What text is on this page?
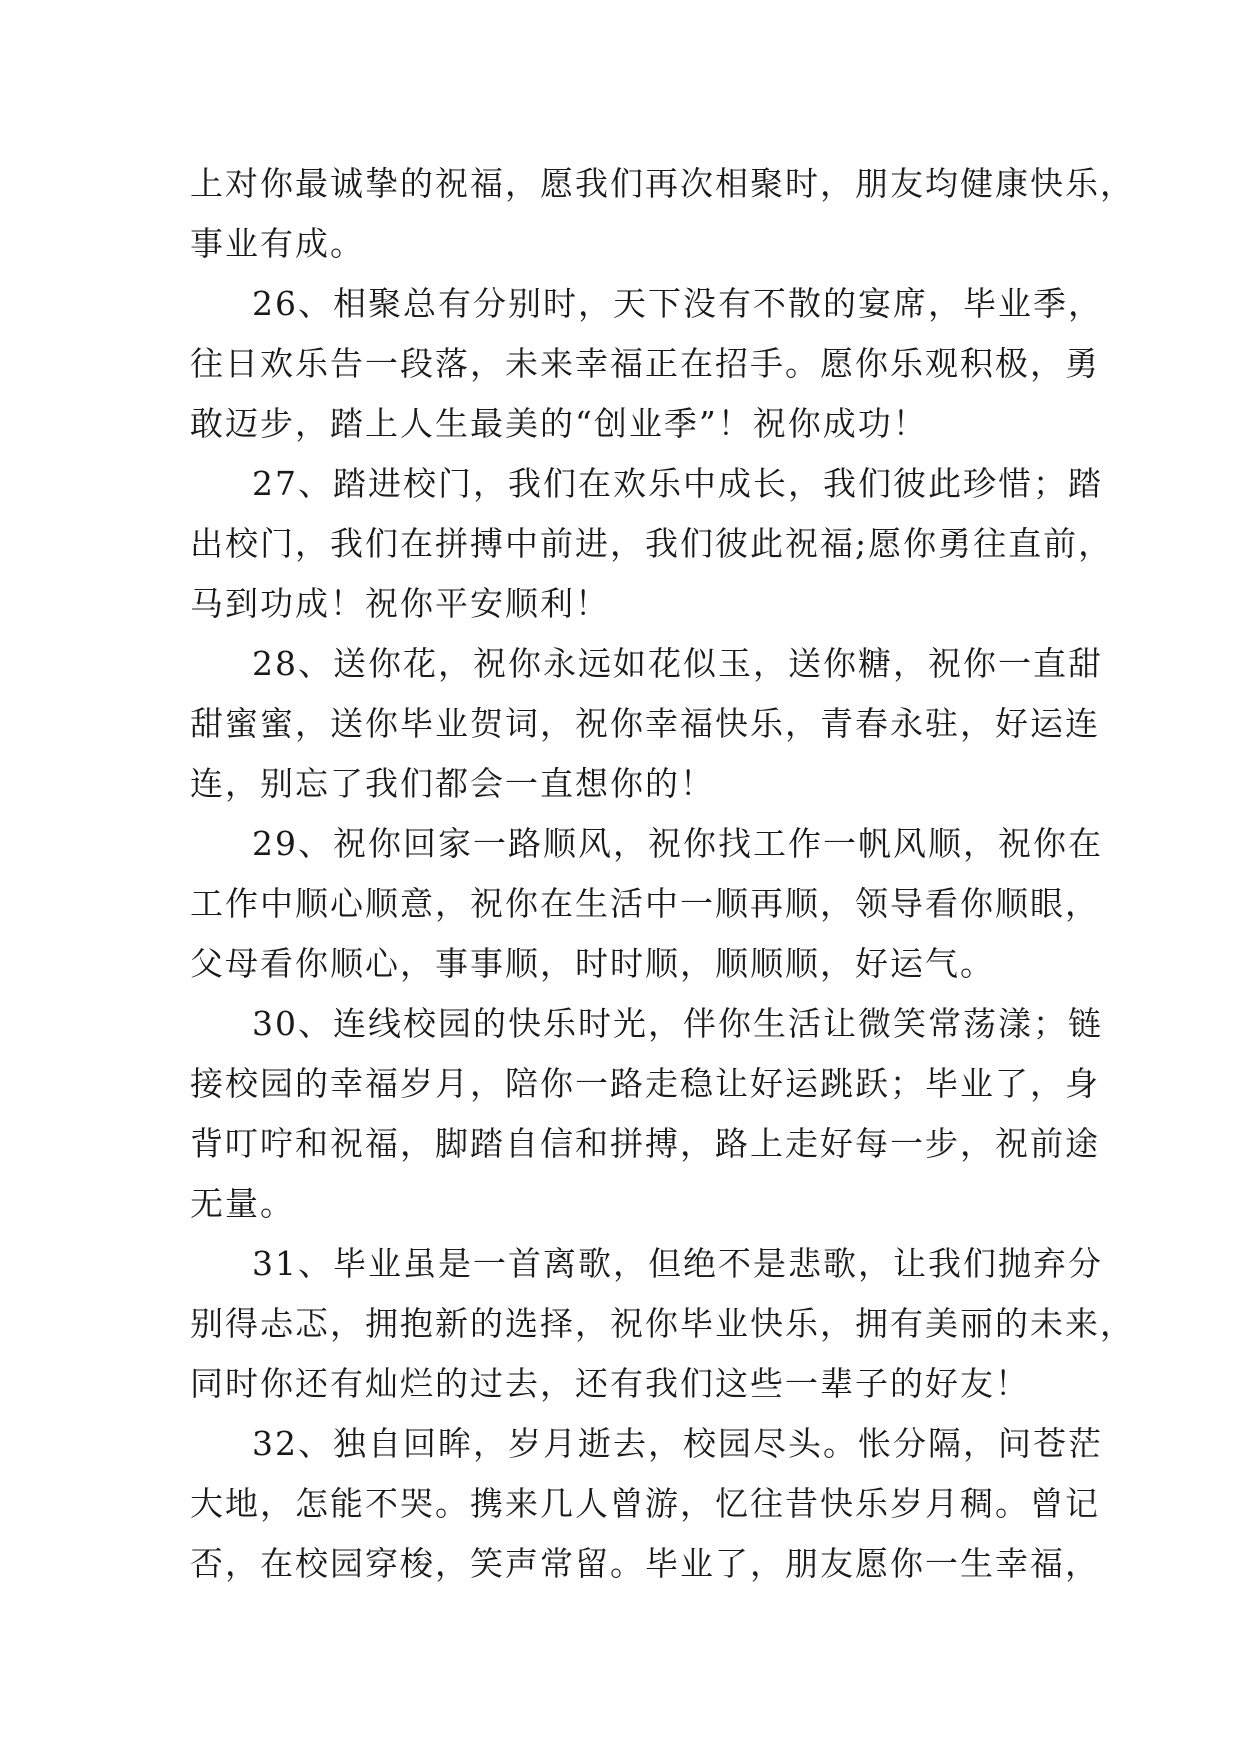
上对你最诚挚的祝福，愿我们再次相聚时，朋友均健康快乐，
事业有成。

26、相聚总有分别时，天下没有不散的宴席，毕业季，
往日欢乐告一段落，未来幸福正在招手。愿你乐观积极，勇
敢迈步，踏上人生最美的“创业季”！祝你成功！

27、踏进校门，我们在欢乐中成长，我们彼此珍惜；踏
出校门，我们在拼搏中前进，我们彼此祝福;愿你勇往直前，
马到功成！祝你平安顺利！

28、送你花，祝你永远如花似玉，送你糖，祝你一直甜
甜蜜蜜，送你毕业贺词，祝你幸福快乐，青春永驻，好运连
连，别忘了我们都会一直想你的！

29、祝你回家一路顺风，祝你找工作一帆风顺，祝你在
工作中顺心顺意，祝你在生活中一顺再顺，领导看你顺眼，
父母看你顺心，事事顺，时时顺，顺顺顺，好运气。

30、连线校园的快乐时光，伴你生活让微笑常荡漾；链
接校园的幸福岁月，陪你一路走稳让好运跳跃；毕业了，身
背叮咛和祝福，脚踏自信和拼搏，路上走好每一步，祝前途
无量。

31、毕业虽是一首离歌，但绝不是悲歌，让我们抛弃分
别得忐忑，拥抱新的选择，祝你毕业快乐，拥有美丽的未来，
同时你还有灿烂的过去，还有我们这些一辈子的好友！

32、独自回眸，岁月逝去，校园尽头。怅分隔，问苍茫
大地，怎能不哭。携来几人曾游，忆往昔快乐岁月稠。曾记
否，在校园穿梭，笑声常留。毕业了，朋友愿你一生幸福，
